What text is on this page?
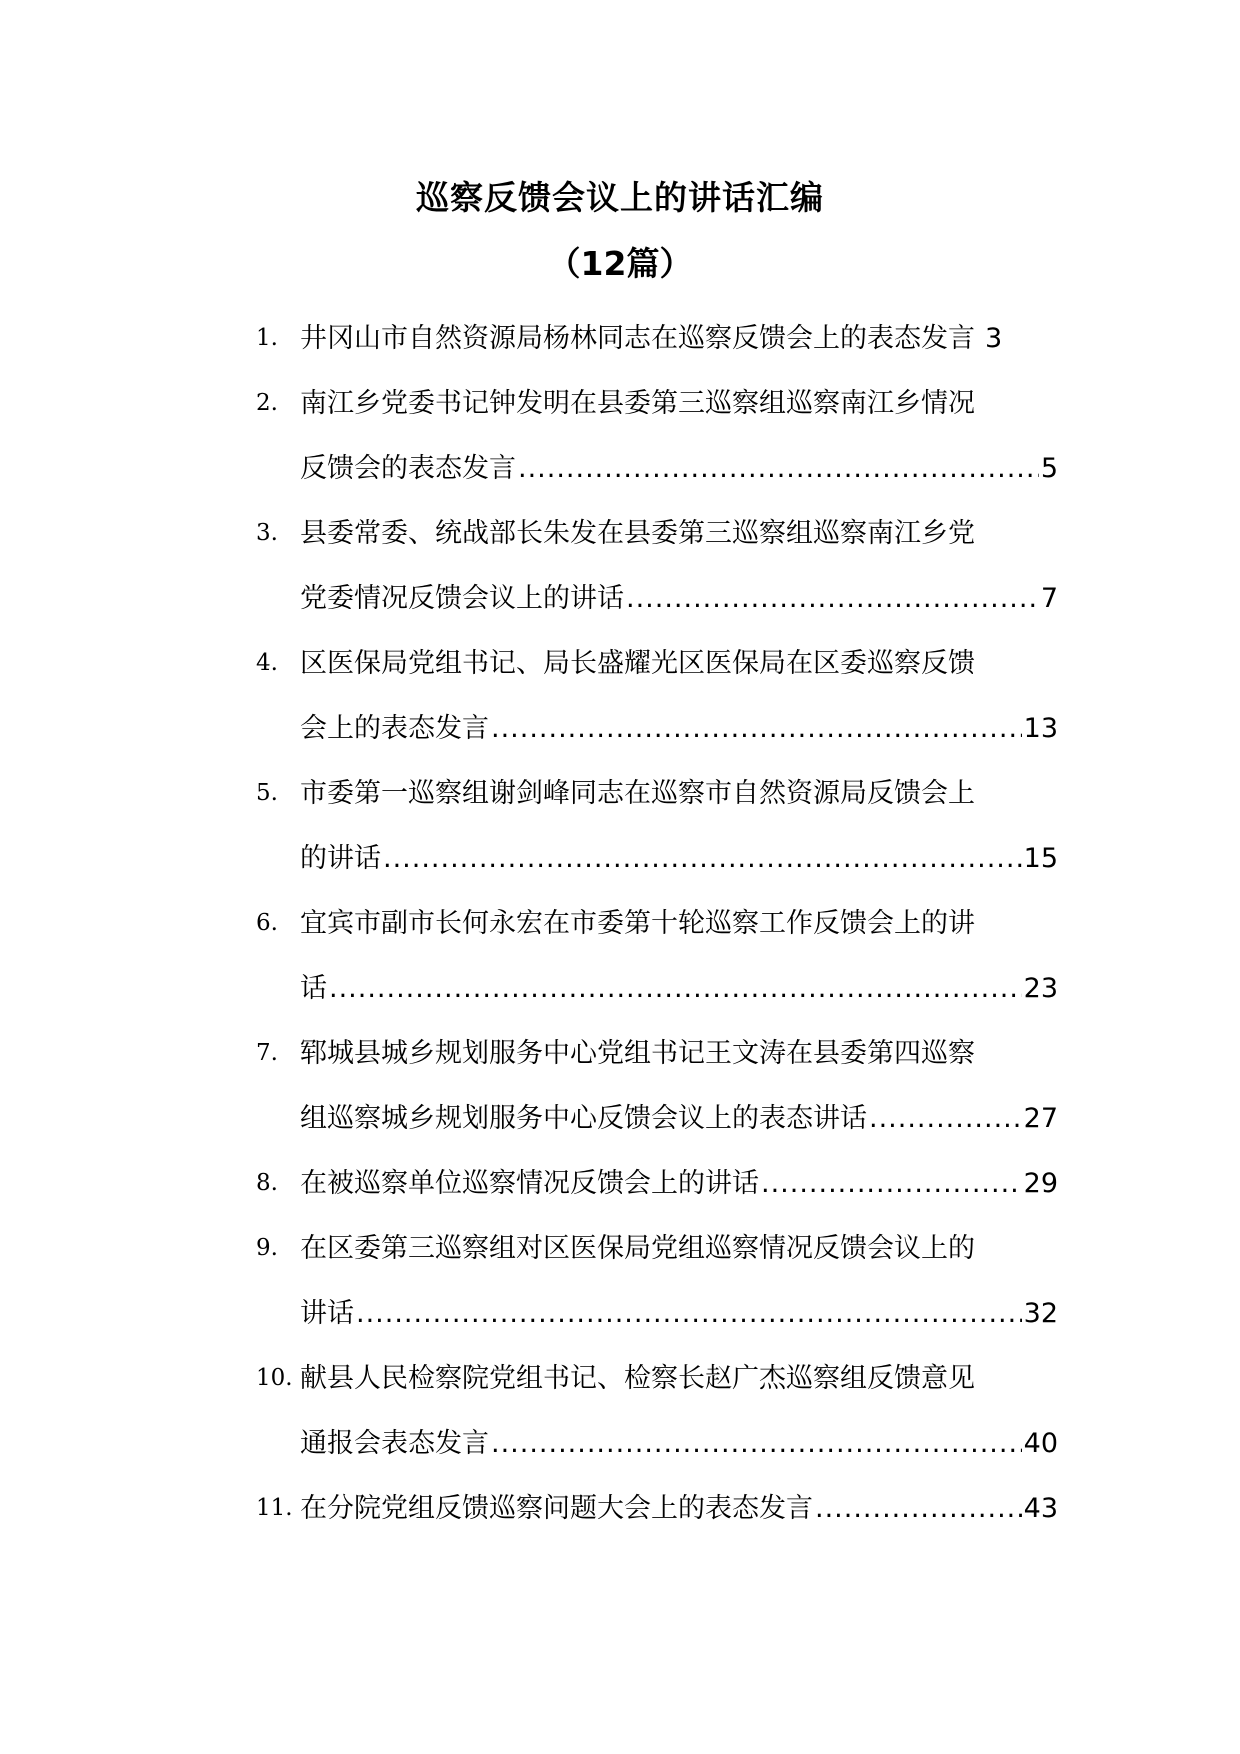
巡察反馈会议上的讲话汇编
（12篇）
1. 井冈山市自然资源局杨林同志在巡察反馈会上的表态发言 3
2. 南江乡党委书记钟发明在县委第三巡察组巡察南江乡情况
反馈会的表态发言 .....	5
3. 县委常委、统战部长朱发在县委第三巡察组巡察南江乡党
党委情况反馈会议上的讲话 .....	7
4. 区医保局党组书记、局长盛耀光区医保局在区委巡察反馈
会上的表态发言 .....	13
5. 市委第一巡察组谢剑峰同志在巡察市自然资源局反馈会上
的讲话 .....	15
6. 宜宾市副市长何永宏在市委第十轮巡察工作反馈会上的讲
话 .....	23
7. 郓城县城乡规划服务中心党组书记王文涛在县委第四巡察
组巡察城乡规划服务中心反馈会议上的表态讲话 .....	27
8. 在被巡察单位巡察情况反馈会上的讲话 .....	29
9. 在区委第三巡察组对区医保局党组巡察情况反馈会议上的
讲话 .....	32
10. 献县人民检察院党组书记、检察长赵广杰巡察组反馈意见
通报会表态发言 .....	40
11. 在分院党组反馈巡察问题大会上的表态发言 .....	43
